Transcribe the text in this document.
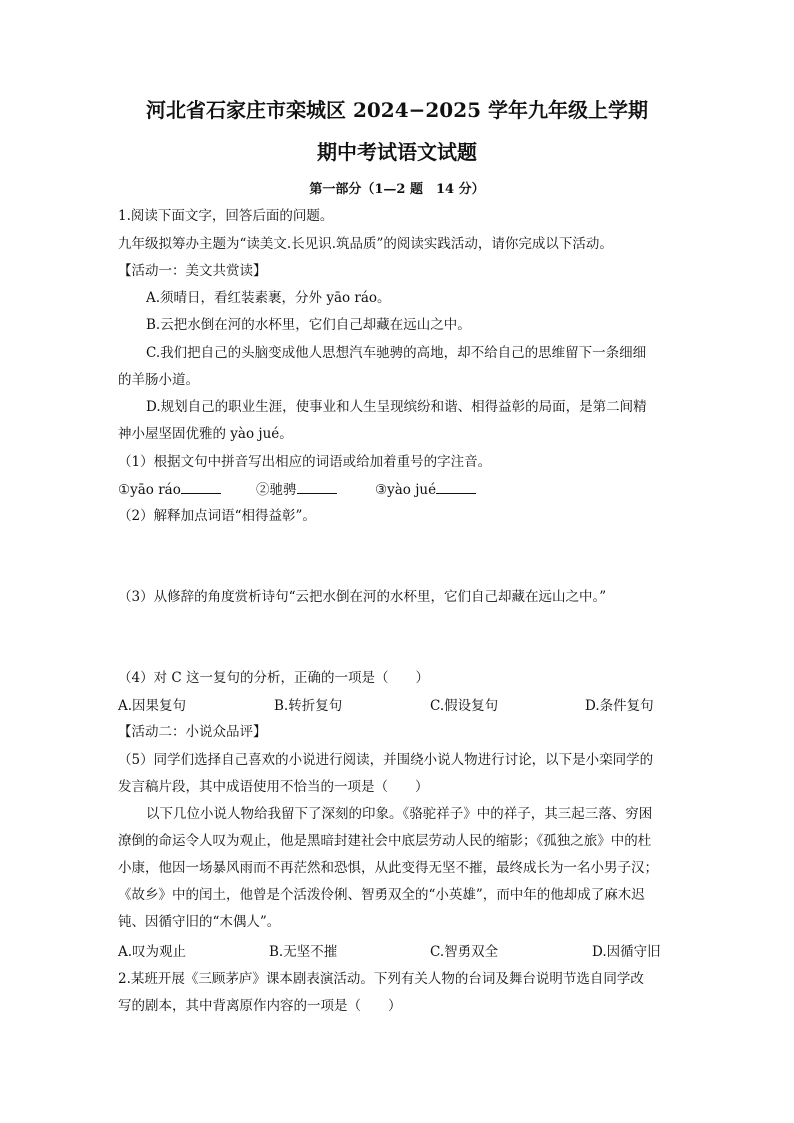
河北省石家庄市栾城区 2024−2025 学年九年级上学期
期中考试语文试题
第一部分（1—2 题　14 分）
1.阅读下面文字，回答后面的问题。
九年级拟筹办主题为“读美文.长见识.筑品质”的阅读实践活动，请你完成以下活动。
【活动一：美文共赏读】
A.须晴日，看红装素裹，分外 yāo ráo。
B.云把水倒在河的水杯里，它们自己却藏在远山之中。
C.我们把自己的头脑变成他人思想汽车驰骋的高地，却不给自己的思维留下一条细细
的羊肠小道。
D.规划自己的职业生涯，使事业和人生呈现缤纷和谐、相得益彰的局面，是第二间精
神小屋坚固优雅的 yào jué。
（1）根据文句中拼音写出相应的词语或给加着重号的字注音。
①yāo ráo	②驰骋	③yào jué
（2）解释加点词语“相得益彰”。
（3）从修辞的角度赏析诗句“云把水倒在河的水杯里，它们自己却藏在远山之中。”
（4）对 C 这一复句的分析，正确的一项是（　　）
A.因果复句	B.转折复句	C.假设复句	D.条件复句
【活动二：小说众品评】
（5）同学们选择自己喜欢的小说进行阅读，并围绕小说人物进行讨论，以下是小栾同学的
发言稿片段，其中成语使用不恰当的一项是（　　）
以下几位小说人物给我留下了深刻的印象。《骆驼祥子》中的祥子，其三起三落、穷困
潦倒的命运令人叹为观止，他是黑暗封建社会中底层劳动人民的缩影；《孤独之旅》中的杜
小康，他因一场暴风雨而不再茫然和恐惧，从此变得无坚不摧，最终成长为一名小男子汉；
《故乡》中的闰土，他曾是个活泼伶俐、智勇双全的“小英雄”，而中年的他却成了麻木迟
钝、因循守旧的“木偶人”。
A.叹为观止	B.无坚不摧	C.智勇双全	D.因循守旧
2.某班开展《三顾茅庐》课本剧表演活动。下列有关人物的台词及舞台说明节选自同学改
写的剧本，其中背离原作内容的一项是（　　）
